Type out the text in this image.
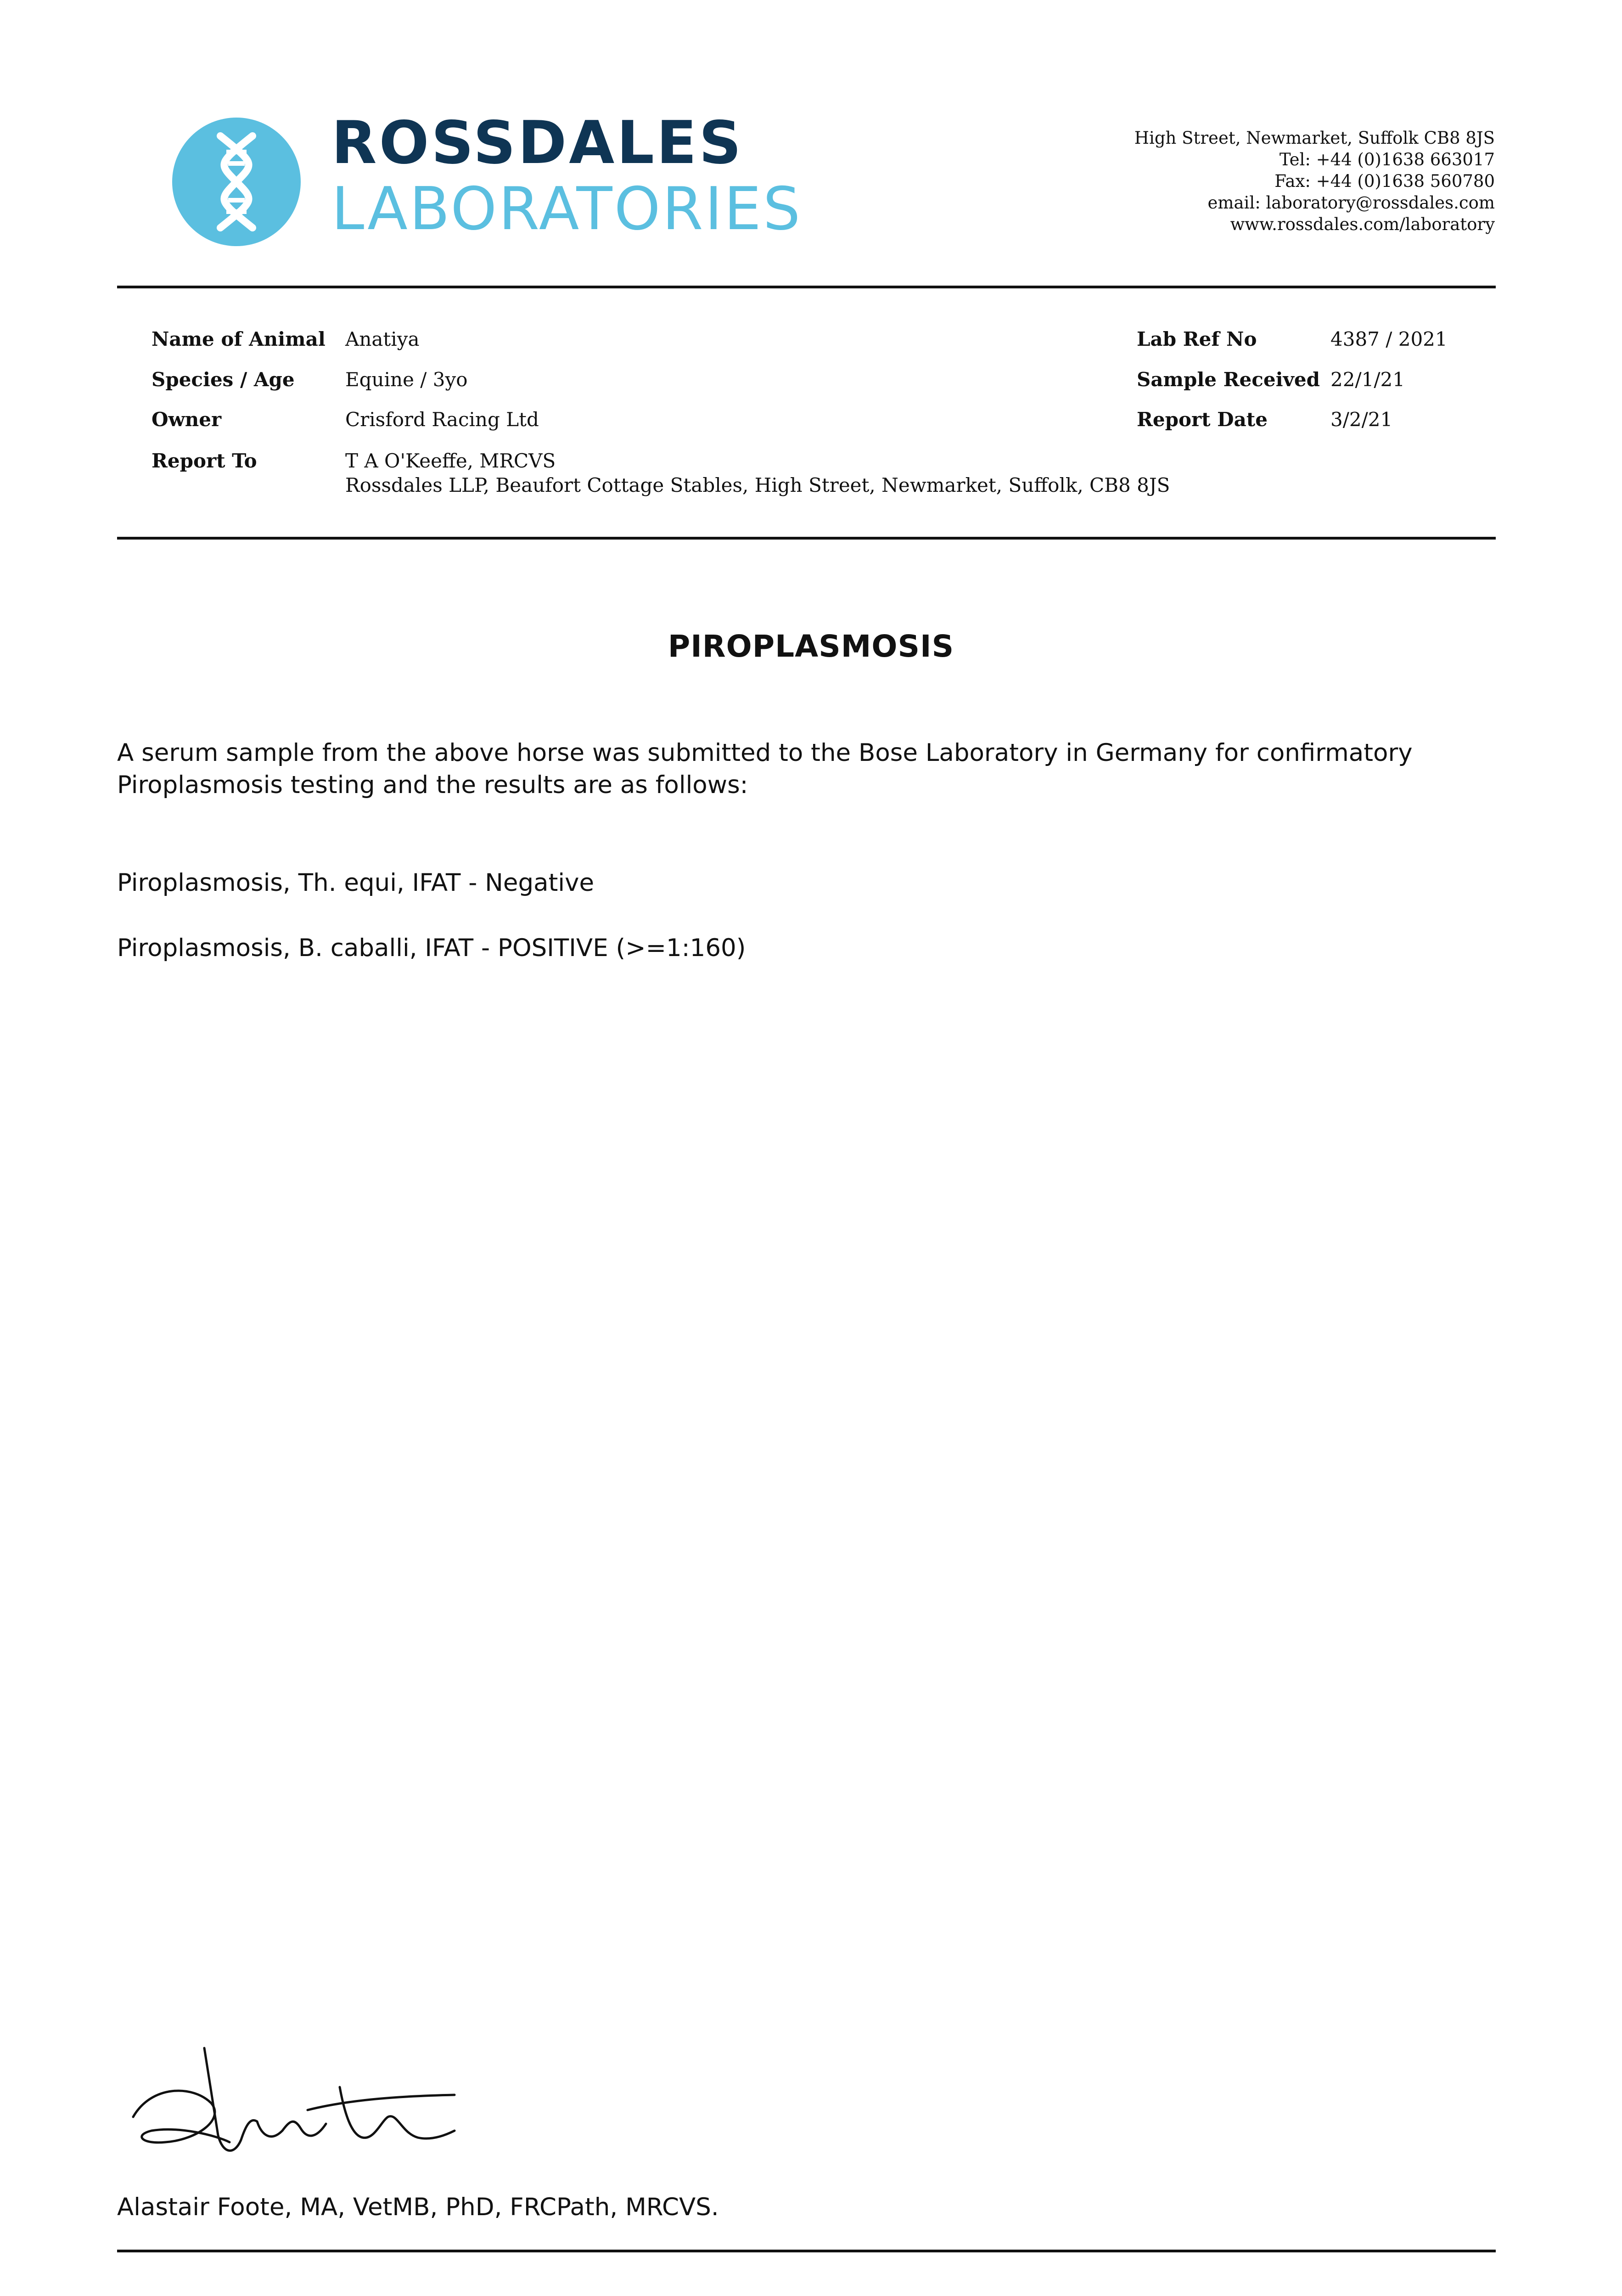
ROSSDALES
LABORATORIES
High Street, Newmarket, Suffolk CB8 8JS
Tel: +44 (0)1638 663017
Fax: +44 (0)1638 560780
email: laboratory@rossdales.com
www.rossdales.com/laboratory
Name of Animal Anatiya
Species / Age	Equine / 3yo
Owner	Crisford Racing Ltd
Report To	T A O'Keeffe, MRCVS
Rossdales LLP, Beaufort Cottage Stables, High Street, Newmarket, Suffolk, CB8 8JS
Lab Ref No	4387 / 2021
Sample Received 22/1/21
Report Date	3/2/21
PIROPLASMOSIS
A serum sample from the above horse was submitted to the Bose Laboratory in Germany for confirmatory
Piroplasmosis testing and the results are as follows:
Piroplasmosis, Th. equi, IFAT - Negative
Piroplasmosis, B. caballi, IFAT - POSITIVE (>=1:160)
Alastair Foote, MA, VetMB, PhD, FRCPath, MRCVS.
